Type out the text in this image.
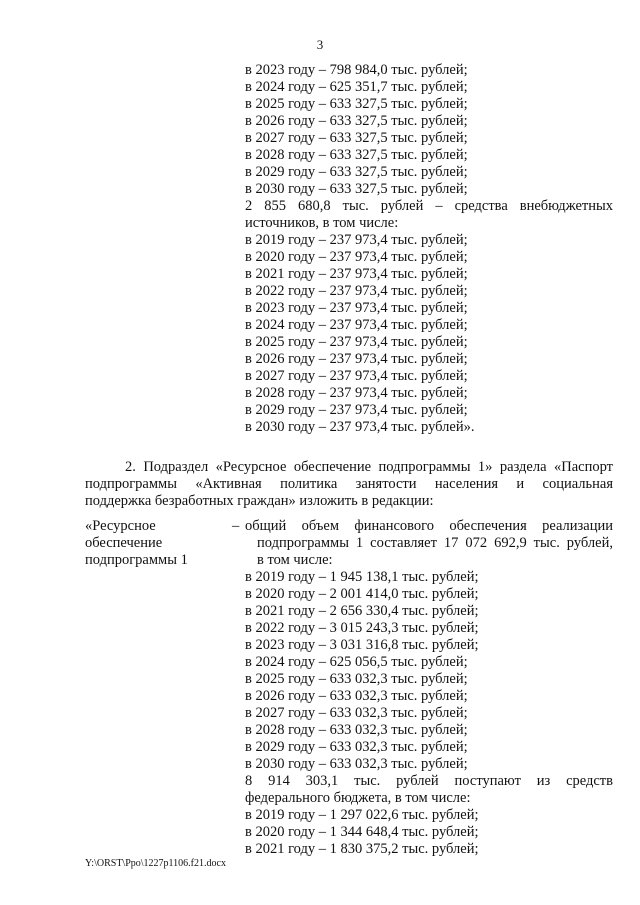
3
в 2023 году – 798 984,0 тыс. рублей;
в 2024 году – 625 351,7 тыс. рублей;
в 2025 году – 633 327,5 тыс. рублей;
в 2026 году – 633 327,5 тыс. рублей;
в 2027 году – 633 327,5 тыс. рублей;
в 2028 году – 633 327,5 тыс. рублей;
в 2029 году – 633 327,5 тыс. рублей;
в 2030 году – 633 327,5 тыс. рублей;
2 855 680,8 тыс. рублей – средства внебюджетных
источников, в том числе:
в 2019 году – 237 973,4 тыс. рублей;
в 2020 году – 237 973,4 тыс. рублей;
в 2021 году – 237 973,4 тыс. рублей;
в 2022 году – 237 973,4 тыс. рублей;
в 2023 году – 237 973,4 тыс. рублей;
в 2024 году – 237 973,4 тыс. рублей;
в 2025 году – 237 973,4 тыс. рублей;
в 2026 году – 237 973,4 тыс. рублей;
в 2027 году – 237 973,4 тыс. рублей;
в 2028 году – 237 973,4 тыс. рублей;
в 2029 году – 237 973,4 тыс. рублей;
в 2030 году – 237 973,4 тыс. рублей».
2. Подраздел «Ресурсное обеспечение подпрограммы 1» раздела «Паспорт
подпрограммы «Активная политика занятости населения и социальная
поддержка безработных граждан» изложить в редакции:
«Ресурсное
обеспечение
подпрограммы 1
– общий объем финансового обеспечения реализации
подпрограммы 1 составляет 17 072 692,9 тыс. рублей,
в том числе:
в 2019 году – 1 945 138,1 тыс. рублей;
в 2020 году – 2 001 414,0 тыс. рублей;
в 2021 году – 2 656 330,4 тыс. рублей;
в 2022 году – 3 015 243,3 тыс. рублей;
в 2023 году – 3 031 316,8 тыс. рублей;
в 2024 году – 625 056,5 тыс. рублей;
в 2025 году – 633 032,3 тыс. рублей;
в 2026 году – 633 032,3 тыс. рублей;
в 2027 году – 633 032,3 тыс. рублей;
в 2028 году – 633 032,3 тыс. рублей;
в 2029 году – 633 032,3 тыс. рублей;
в 2030 году – 633 032,3 тыс. рублей;
8 914 303,1 тыс. рублей поступают из средств
федерального бюджета, в том числе:
в 2019 году – 1 297 022,6 тыс. рублей;
в 2020 году – 1 344 648,4 тыс. рублей;
в 2021 году – 1 830 375,2 тыс. рублей;
Y:\ORST\Ppo\1227p1106.f21.docx
